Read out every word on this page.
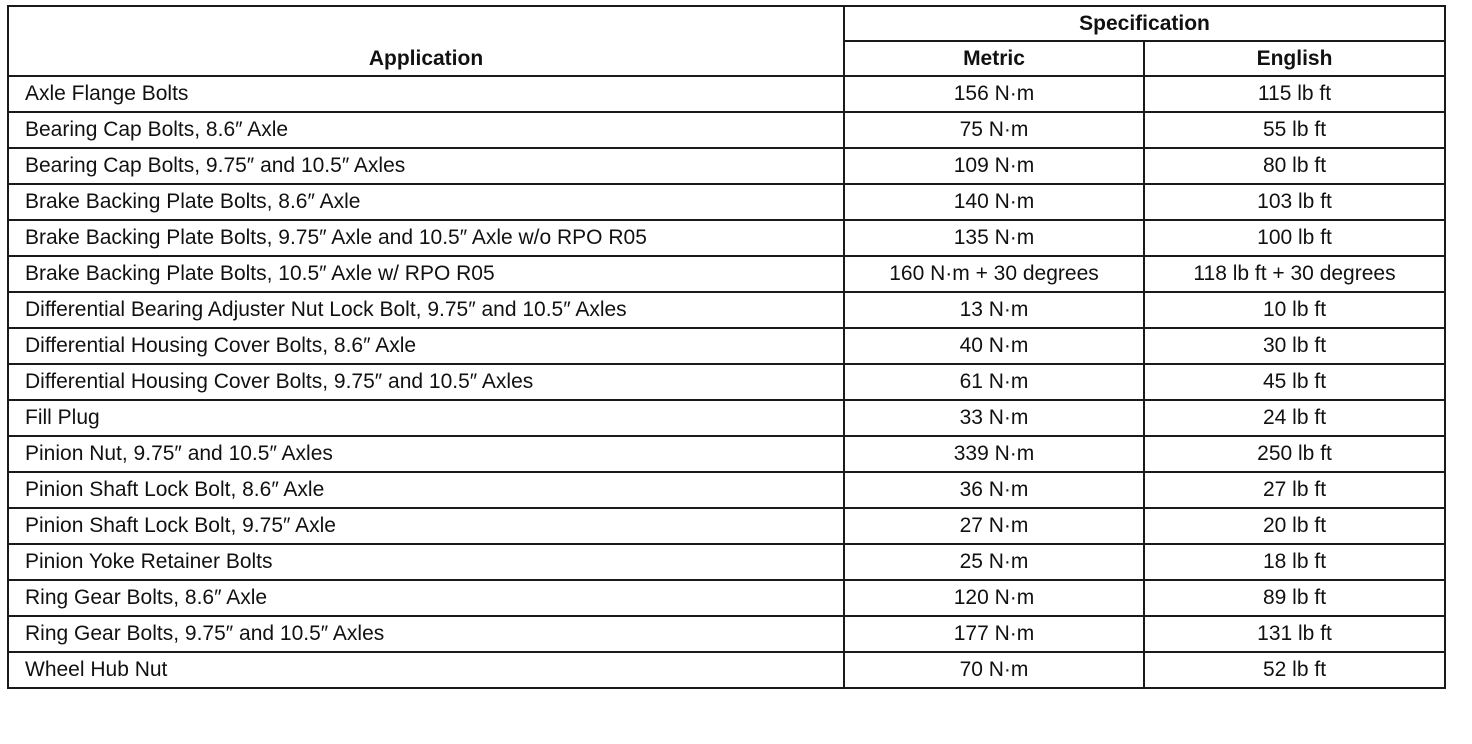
Application	Specification	
	Metric	English
Axle Flange Bolts	156 N·m	115 lb ft
Bearing Cap Bolts, 8.6″ Axle	75 N·m	55 lb ft
Bearing Cap Bolts, 9.75″ and 10.5″ Axles	109 N·m	80 lb ft
Brake Backing Plate Bolts, 8.6″ Axle	140 N·m	103 lb ft
Brake Backing Plate Bolts, 9.75″ Axle and 10.5″ Axle w/o RPO R05	135 N·m	100 lb ft
Brake Backing Plate Bolts, 10.5″ Axle w/ RPO R05	160 N·m + 30 degrees	118 lb ft + 30 degrees
Differential Bearing Adjuster Nut Lock Bolt, 9.75″ and 10.5″ Axles	13 N·m	10 lb ft
Differential Housing Cover Bolts, 8.6″ Axle	40 N·m	30 lb ft
Differential Housing Cover Bolts, 9.75″ and 10.5″ Axles	61 N·m	45 lb ft
Fill Plug	33 N·m	24 lb ft
Pinion Nut, 9.75″ and 10.5″ Axles	339 N·m	250 lb ft
Pinion Shaft Lock Bolt, 8.6″ Axle	36 N·m	27 lb ft
Pinion Shaft Lock Bolt, 9.75″ Axle	27 N·m	20 lb ft
Pinion Yoke Retainer Bolts	25 N·m	18 lb ft
Ring Gear Bolts, 8.6″ Axle	120 N·m	89 lb ft
Ring Gear Bolts, 9.75″ and 10.5″ Axles	177 N·m	131 lb ft
Wheel Hub Nut	70 N·m	52 lb ft
